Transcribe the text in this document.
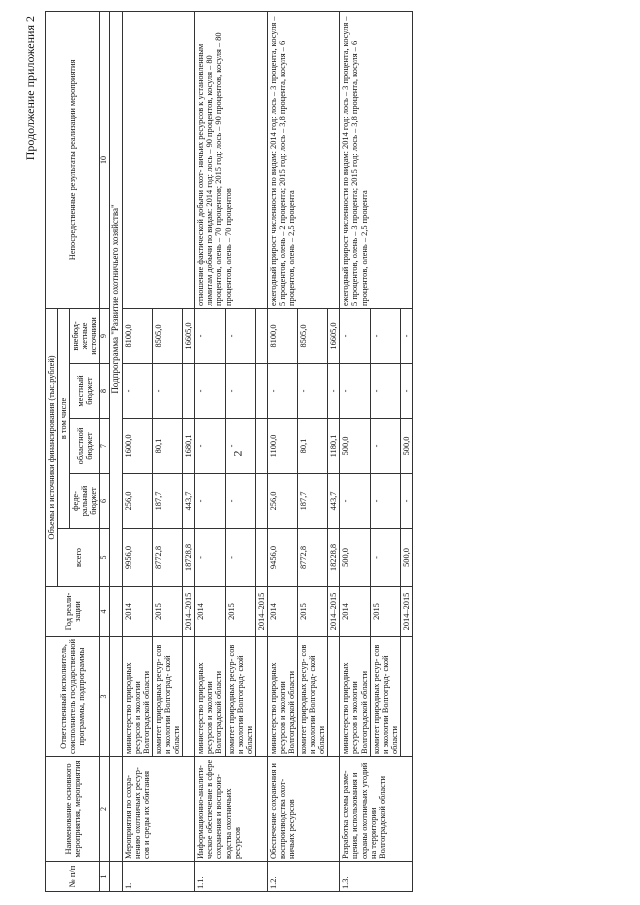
2
Продолжение приложения 2
№ п/п	Наименование основного мероприятия, мероприятия	Ответственный исполнитель, соисполнитель государственной программы, подпрограммы	Год реали- зации	Объемы и источники финансирования (тыс.рублей)					Непосредственные результаты реализации мероприятия
				всего	в том числе				
					феде- ральный бюджет	областной бюджет	местный бюджет	внебюд- жетные источники	
1	2	3	4	5	6	7	8	9	10
				Подпрограмма "Развитие охотничьего хозяйства"					
1.	Мероприятия по сохра- нению охотничьих ресур- сов и среды их обитания	министерство природных ресурсов и экологии Волгоградской области	2014	9956,0	256,0	1600,0	-	8100,0	
		комитет природных ресур- сов и экологии Волгоград- ской области	2015	8772,8	187,7	80,1	-	8505,0	
			2014–2015	18728,8	443,7	1680,1		16605,0	
1.1.	Информационно-аналити- ческое обеспечение в сфере сохранения и воспроиз- водства охотничьих ресурсов	министерство природных ресурсов и экологии Волгоградской области	2014	-	-	-	-	-	отношение фактической добычи охот- ничьих ресурсов к установленным лимитам добычи по видам: 2014 год: лось – 90 процентов, косуля – 80 процентов, олень – 70 процентов; 2015 год: лось – 90 процентов, косуля – 80 процентов, олень – 70 процентов
		комитет природных ресур- сов и экологии Волгоград- ской области	2015	-	-	-	-	-	
			2014–2015						
1.2.	Обеспечение сохранения и воспроизводства охот- ничьих ресурсов	министерство природных ресурсов и экологии Волгоградской области	2014	9456,0	256,0	1100,0	-	8100,0	ежегодный прирост численности по видам: 2014 год: лось – 3 процента, косуля – 5 процентов, олень – 2 процента; 2015 год: лось – 3,8 процента, косуля – 6 процентов, олень – 2,5 процента
		комитет природных ресур- сов и экологии Волгоград- ской области	2015	8772,8	187,7	80,1	-	8505,0	
			2014–2015	18228,8	443,7	1180,1	-	16605,0	
1.3.	Разработка схемы разме- щения, использования и охраны охотничьих угодий на территории Волгоградской области	министерство природных ресурсов и экологии Волгоградской области	2014	500,0	-	500,0	-	-	ежегодный прирост численности по видам: 2014 год: лось – 3 процента, косуля – 5 процентов, олень – 3 процента; 2015 год: лось – 3,8 процента, косуля – 6 процентов, олень – 2,5 процента
		комитет природных ресур- сов и экологии Волгоград- ской области	2015	-	-	-	-	-	
			2014–2015	500,0	-	500,0	-	-	
